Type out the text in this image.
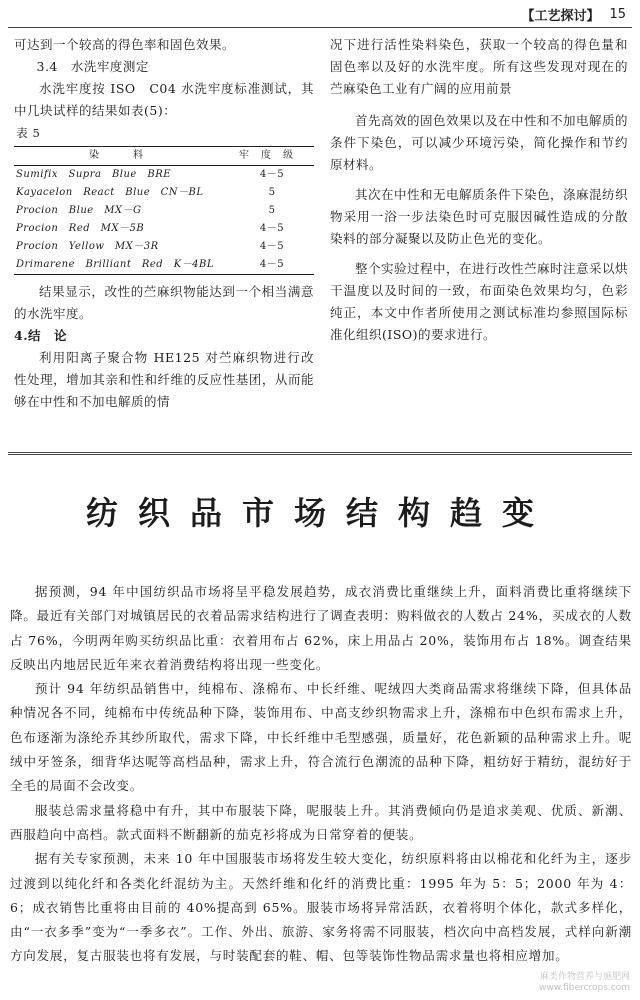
【工艺探讨】 15

可达到一个较高的得色率和固色效果。

3.4　水洗牢度测定

水洗牢度按 ISO　C04 水洗牢度标准测试，其中几块试样的结果如表(5)：

表 5

染　料	牢度级
Sumifix　Supra　Blue　BRE	4－5
Kayacelon　React　Blue　CN－BL	5
Procion　Blue　MX－G	5
Procion　Red　MX－5B	4－5
Procion　Yellow　MX－3R	4－5
Drimarene　Brilliant　Red　K－4BL	4－5

结果显示，改性的苎麻织物能达到一个相当满意的水洗牢度。

4.结　论

利用阳离子聚合物 HE125 对苎麻织物进行改性处理，增加其亲和性和纤维的反应性基团，从而能够在中性和不加电解质的情

况下进行活性染料染色，获取一个较高的得色量和固色率以及好的水洗牢度。所有这些发现对现在的苎麻染色工业有广阔的应用前景

首先高效的固色效果以及在中性和不加电解质的条件下染色，可以减少环境污染，简化操作和节约原材料。

其次在中性和无电解质条件下染色，涤麻混纺织物采用一浴一步法染色时可克服因碱性造成的分散染料的部分凝聚以及防止色光的变化。

整个实验过程中，在进行改性苎麻时注意采以烘干温度以及时间的一致，布面染色效果均匀，色彩纯正，本文中作者所使用之测试标准均参照国际标准化组织(ISO)的要求进行。

纺织品市场结构趋变

据预测，94 年中国纺织品市场将呈平稳发展趋势，成衣消费比重继续上升，面料消费比重将继续下降。最近有关部门对城镇居民的衣着品需求结构进行了调查表明：购料做衣的人数占 24%，买成衣的人数占 76%，今明两年购买纺织品比重：衣着用布占 62%，床上用品占 20%，装饰用布占 18%。调查结果反映出内地居民近年来衣着消费结构将出现一些变化。

预计 94 年纺织品销售中，纯棉布、涤棉布、中长纤维、呢绒四大类商品需求将继续下降，但具体品种情况各不同，纯棉布中传统品种下降，装饰用布、中高支纱织物需求上升，涤棉布中色织布需求上升，色布逐渐为涤纶乔其纱所取代，需求下降，中长纤维中毛型感强，质量好，花色新颖的品种需求上升。呢绒中牙签条，细背华达呢等高档品种，需求上升，符合流行色潮流的品种下降，粗纺好于精纺，混纺好于全毛的局面不会改变。

服装总需求量将稳中有升，其中布服装下降，呢服装上升。其消费倾向仍是追求美观、优质、新潮、西服趋向中高档。款式面料不断翻新的茄克衫将成为日常穿着的便装。

据有关专家预测，未来 10 年中国服装市场将发生较大变化，纺织原料将由以棉花和化纤为主，逐步过渡到以纯化纤和各类化纤混纺为主。天然纤维和化纤的消费比重：1995 年为 5：5；2000 年为 4：6；成衣销售比重将由目前的 40%提高到 65%。服装市场将异常活跃，衣着将明个体化，款式多样化，由“一衣多季”变为“一季多衣”。工作、外出、旅游、家务将需不同服装，档次向中高档发展，式样向新潮方向发展，复古服装也将有发展，与时装配套的鞋、帽、包等装饰性物品需求量也将相应增加。

麻类作物营养与施肥网
www.fibercrops.com
